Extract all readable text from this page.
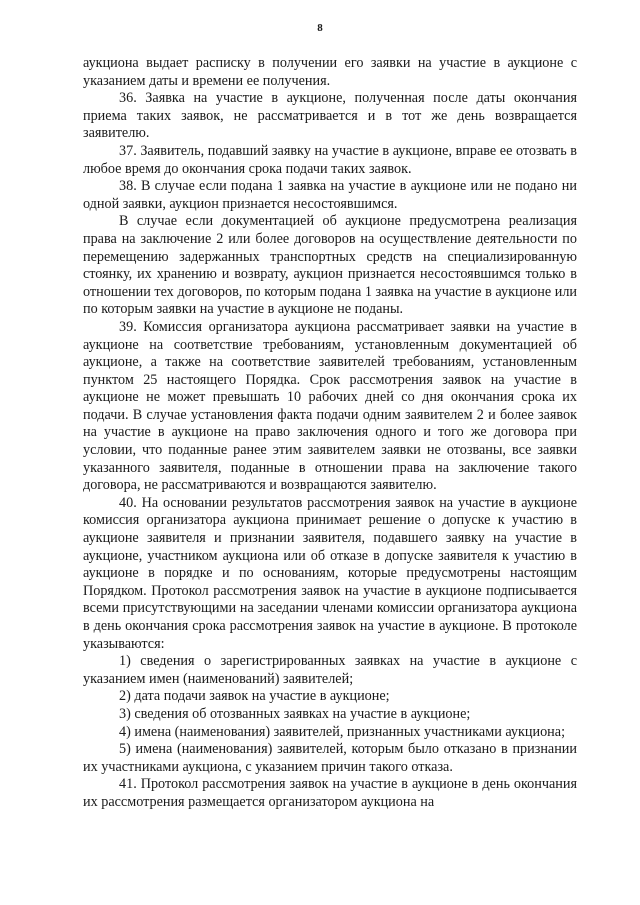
8

аукциона выдает расписку в получении его заявки на участие в аукционе с указанием даты и времени ее получения.

36. Заявка на участие в аукционе, полученная после даты окончания приема таких заявок, не рассматривается и в тот же день возвращается заявителю.

37. Заявитель, подавший заявку на участие в аукционе, вправе ее отозвать в любое время до окончания срока подачи таких заявок.

38. В случае если подана 1 заявка на участие в аукционе или не подано ни одной заявки, аукцион признается несостоявшимся.

В случае если документацией об аукционе предусмотрена реализация права на заключение 2 или более договоров на осуществление деятельности по перемещению задержанных транспортных средств на специализированную стоянку, их хранению и возврату, аукцион признается несостоявшимся только в отношении тех договоров, по которым подана 1 заявка на участие в аукционе или по которым заявки на участие в аукционе не поданы.

39. Комиссия организатора аукциона рассматривает заявки на участие в аукционе на соответствие требованиям, установленным документацией об аукционе, а также на соответствие заявителей требованиям, установленным пунктом 25 настоящего Порядка. Срок рассмотрения заявок на участие в аукционе не может превышать 10 рабочих дней со дня окончания срока их подачи. В случае установления факта подачи одним заявителем 2 и более заявок на участие в аукционе на право заключения одного и того же договора при условии, что поданные ранее этим заявителем заявки не отозваны, все заявки указанного заявителя, поданные в отношении права на заключение такого договора, не рассматриваются и возвращаются заявителю.

40. На основании результатов рассмотрения заявок на участие в аукционе комиссия организатора аукциона принимает решение о допуске к участию в аукционе заявителя и признании заявителя, подавшего заявку на участие в аукционе, участником аукциона или об отказе в допуске заявителя к участию в аукционе в порядке и по основаниям, которые предусмотрены настоящим Порядком. Протокол рассмотрения заявок на участие в аукционе подписывается всеми присутствующими на заседании членами комиссии организатора аукциона в день окончания срока рассмотрения заявок на участие в аукционе. В протоколе указываются:

1) сведения о зарегистрированных заявках на участие в аукционе с указанием имен (наименований) заявителей;

2) дата подачи заявок на участие в аукционе;

3) сведения об отозванных заявках на участие в аукционе;

4) имена (наименования) заявителей, признанных участниками аукциона;

5) имена (наименования) заявителей, которым было отказано в признании их участниками аукциона, с указанием причин такого отказа.

41. Протокол рассмотрения заявок на участие в аукционе в день окончания их рассмотрения размещается организатором аукциона на
